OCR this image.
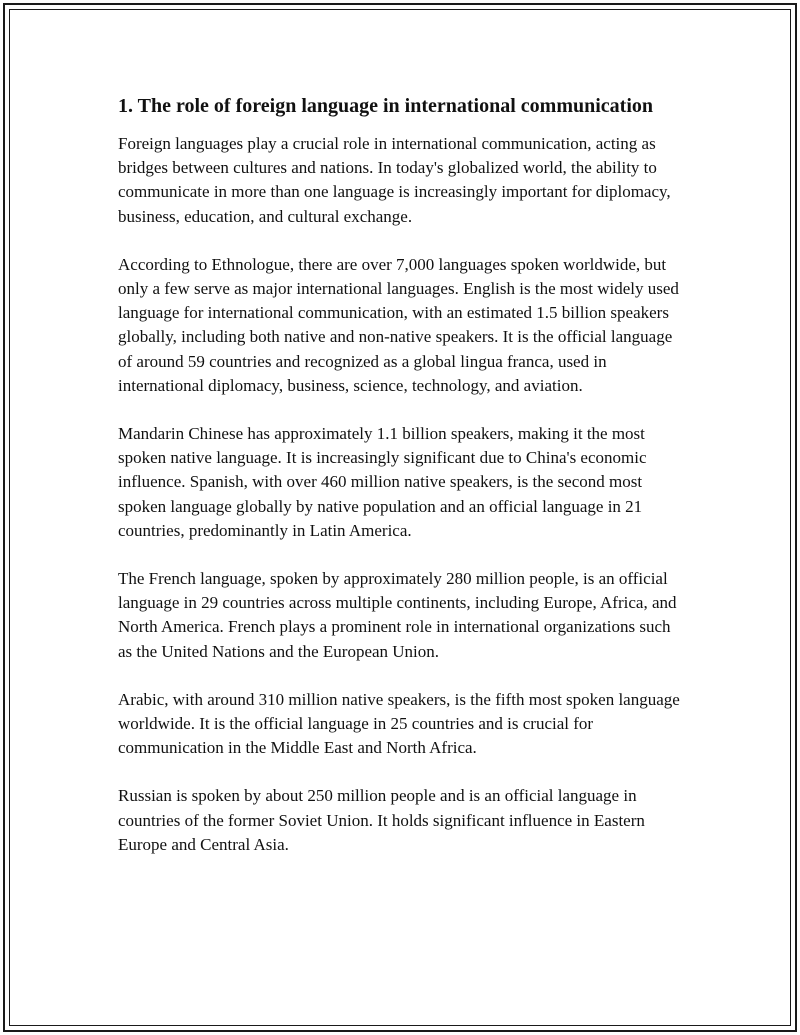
1. The role of foreign language in international communication

Foreign languages play a crucial role in international communication, acting as bridges between cultures and nations. In today's globalized world, the ability to communicate in more than one language is increasingly important for diplomacy, business, education, and cultural exchange.

According to Ethnologue, there are over 7,000 languages spoken worldwide, but only a few serve as major international languages. English is the most widely used language for international communication, with an estimated 1.5 billion speakers globally, including both native and non-native speakers. It is the official language of around 59 countries and recognized as a global lingua franca, used in international diplomacy, business, science, technology, and aviation.

Mandarin Chinese has approximately 1.1 billion speakers, making it the most spoken native language. It is increasingly significant due to China's economic influence. Spanish, with over 460 million native speakers, is the second most spoken language globally by native population and an official language in 21 countries, predominantly in Latin America.

The French language, spoken by approximately 280 million people, is an official language in 29 countries across multiple continents, including Europe, Africa, and North America. French plays a prominent role in international organizations such as the United Nations and the European Union.

Arabic, with around 310 million native speakers, is the fifth most spoken language worldwide. It is the official language in 25 countries and is crucial for communication in the Middle East and North Africa.

Russian is spoken by about 250 million people and is an official language in countries of the former Soviet Union. It holds significant influence in Eastern Europe and Central Asia.
